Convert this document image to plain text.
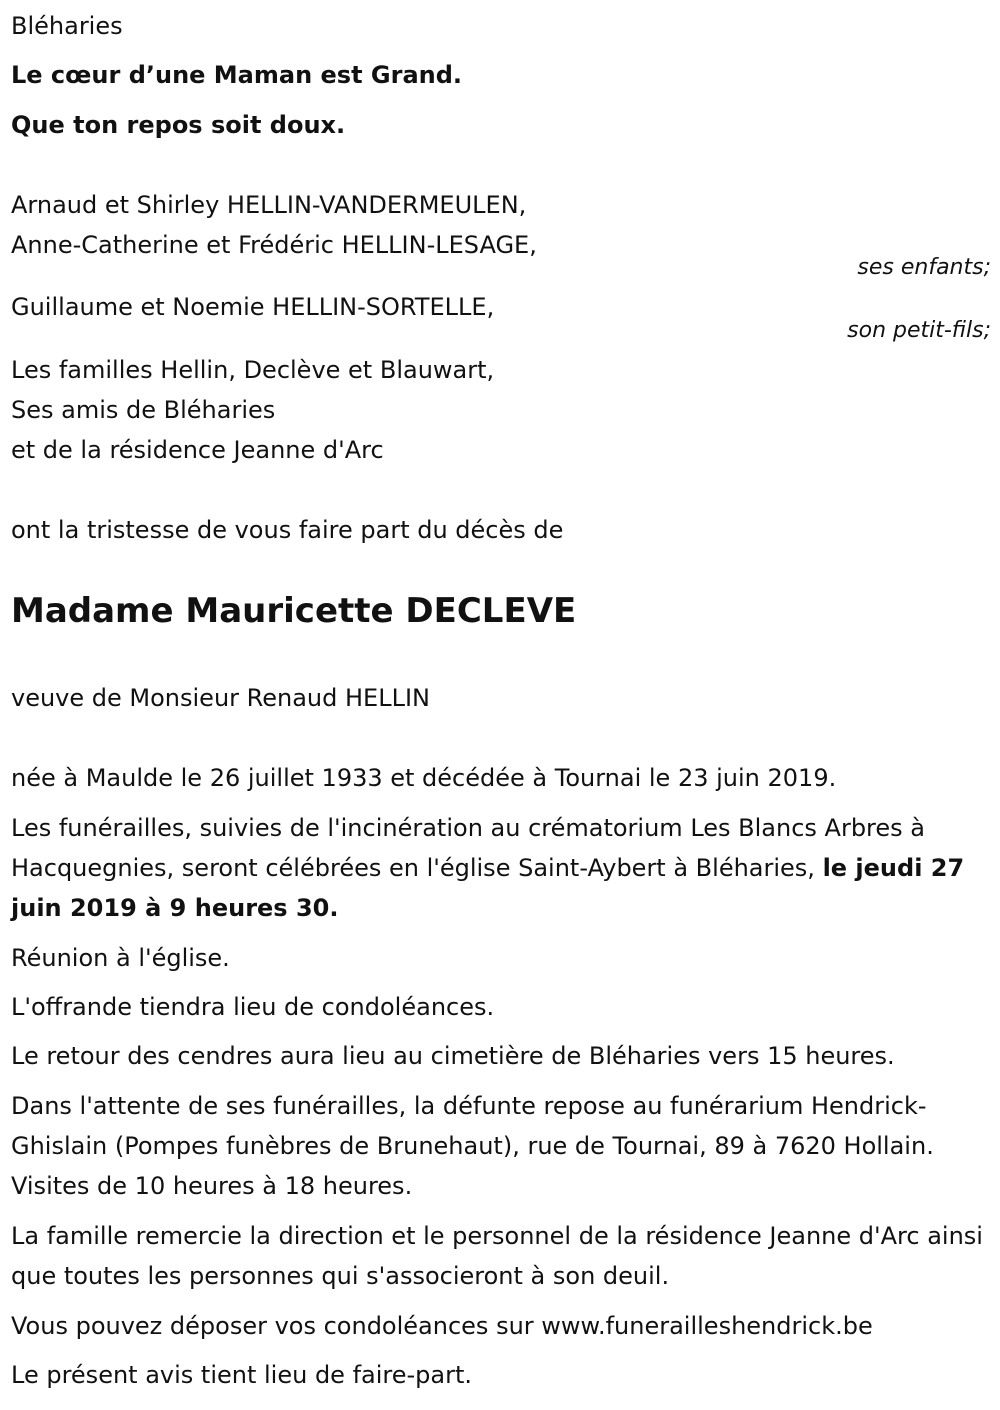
Bléharies
Le cœur d’une Maman est Grand.
Que ton repos soit doux.
Arnaud et Shirley HELLIN-VANDERMEULEN,
Anne-Catherine et Frédéric HELLIN-LESAGE,
ses enfants;
Guillaume et Noemie HELLIN-SORTELLE,
son petit-fils;
Les familles Hellin, Declève et Blauwart,
Ses amis de Bléharies
et de la résidence Jeanne d'Arc
ont la tristesse de vous faire part du décès de
Madame Mauricette DECLEVE
veuve de Monsieur Renaud HELLIN
née à Maulde le 26 juillet 1933 et décédée à Tournai le 23 juin 2019.
Les funérailles, suivies de l'incinération au crématorium Les Blancs Arbres à Hacquegnies, seront célébrées en l'église Saint-Aybert à Bléharies, le jeudi 27 juin 2019 à 9 heures 30.
Réunion à l'église.
L'offrande tiendra lieu de condoléances.
Le retour des cendres aura lieu au cimetière de Bléharies vers 15 heures.
Dans l'attente de ses funérailles, la défunte repose au funérarium Hendrick-Ghislain (Pompes funèbres de Brunehaut), rue de Tournai, 89 à 7620 Hollain. Visites de 10 heures à 18 heures.
La famille remercie la direction et le personnel de la résidence Jeanne d'Arc ainsi que toutes les personnes qui s'associeront à son deuil.
Vous pouvez déposer vos condoléances sur www.funerailleshendrick.be
Le présent avis tient lieu de faire-part.
